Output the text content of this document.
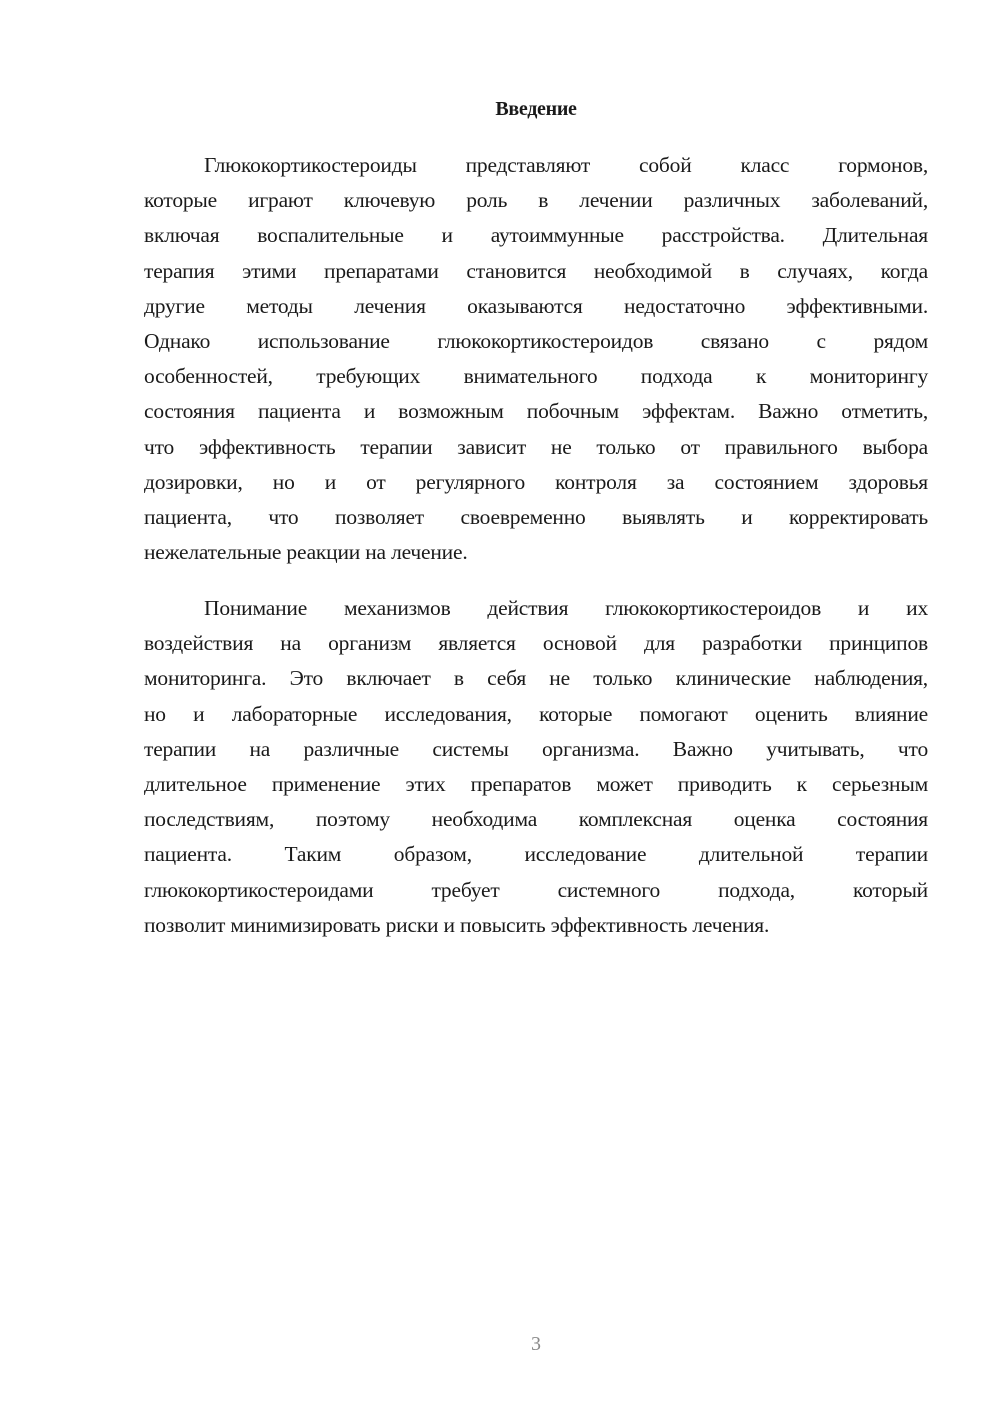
Введение
Глюкокортикостероиды представляют собой класс гормонов,
которые играют ключевую роль в лечении различных заболеваний,
включая воспалительные и аутоиммунные расстройства. Длительная
терапия этими препаратами становится необходимой в случаях, когда
другие методы лечения оказываются недостаточно эффективными.
Однако использование глюкокортикостероидов связано с рядом
особенностей, требующих внимательного подхода к мониторингу
состояния пациента и возможным побочным эффектам. Важно отметить,
что эффективность терапии зависит не только от правильного выбора
дозировки, но и от регулярного контроля за состоянием здоровья
пациента, что позволяет своевременно выявлять и корректировать
нежелательные реакции на лечение.
Понимание механизмов действия глюкокортикостероидов и их
воздействия на организм является основой для разработки принципов
мониторинга. Это включает в себя не только клинические наблюдения,
но и лабораторные исследования, которые помогают оценить влияние
терапии на различные системы организма. Важно учитывать, что
длительное применение этих препаратов может приводить к серьезным
последствиям, поэтому необходима комплексная оценка состояния
пациента. Таким образом, исследование длительной терапии
глюкокортикостероидами требует системного подхода, который
позволит минимизировать риски и повысить эффективность лечения.
3
